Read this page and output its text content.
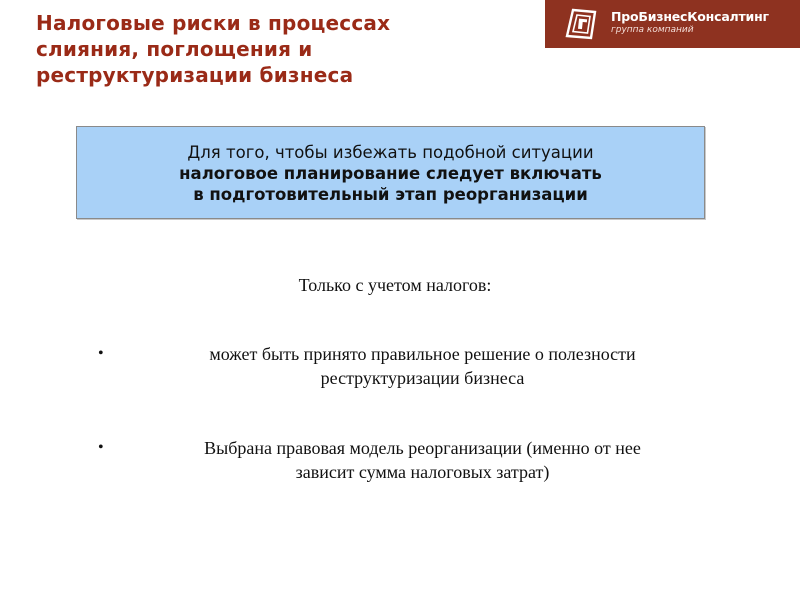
Налоговые риски в процессах
слияния, поглощения и
реструктуризации бизнеса
ПроБизнесКонсалтинг
группа компаний
Для того, чтобы избежать подобной ситуации
налоговое планирование следует включать
в подготовительный этап реорганизации
Только с учетом налогов:
•	может быть принято правильное решение о полезности
реструктуризации бизнеса
•	Выбрана правовая модель реорганизации (именно от нее
зависит сумма налоговых затрат)
